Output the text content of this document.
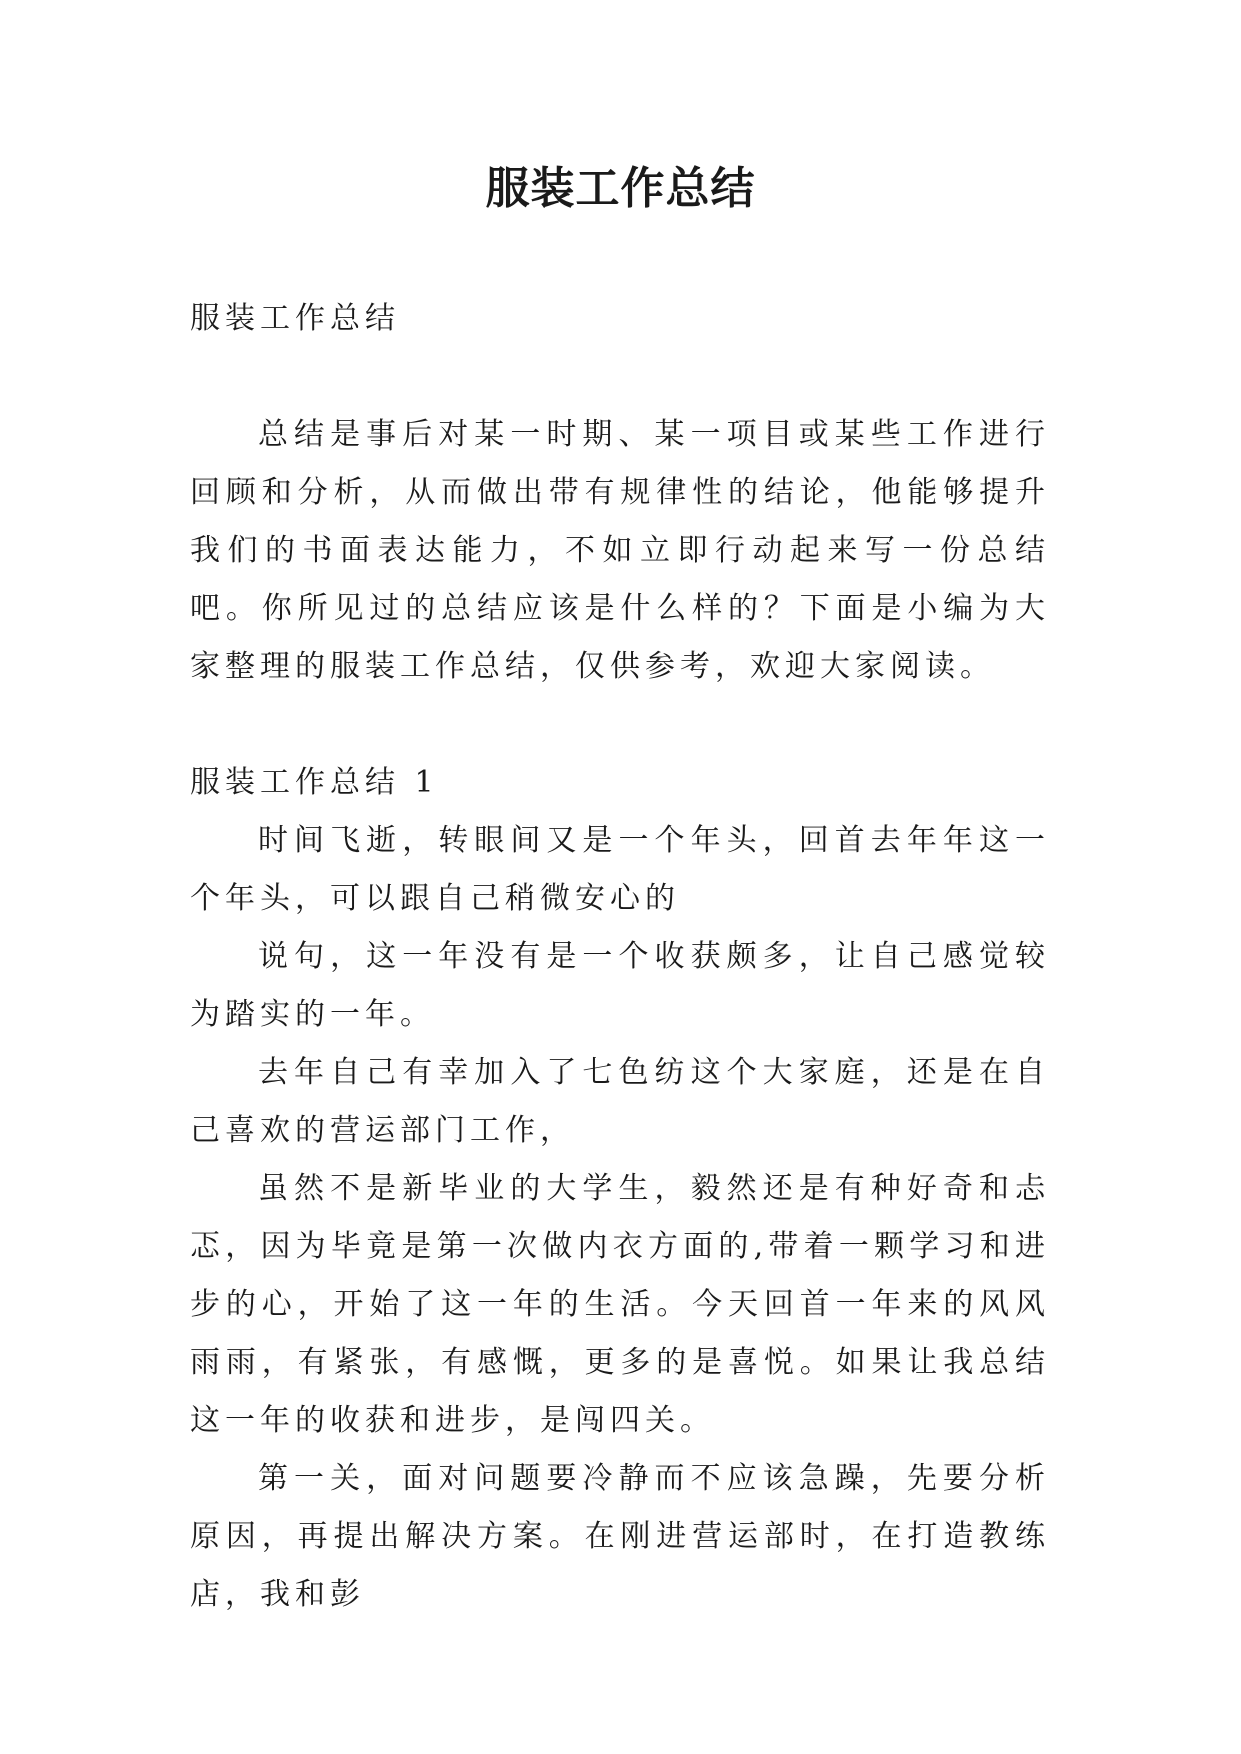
服装工作总结

服装工作总结

总结是事后对某一时期、某一项目或某些工作进行回顾和分析，从而做出带有规律性的结论，他能够提升我们的书面表达能力，不如立即行动起来写一份总结吧。你所见过的总结应该是什么样的？下面是小编为大家整理的服装工作总结，仅供参考，欢迎大家阅读。

服装工作总结 1

时间飞逝，转眼间又是一个年头，回首去年年这一个年头，可以跟自己稍微安心的

说句，这一年没有是一个收获颇多，让自己感觉较为踏实的一年。

去年自己有幸加入了七色纺这个大家庭，还是在自己喜欢的营运部门工作，

虽然不是新毕业的大学生，毅然还是有种好奇和忐忑，因为毕竟是第一次做内衣方面的,带着一颗学习和进步的心，开始了这一年的生活。今天回首一年来的风风雨雨，有紧张，有感慨，更多的是喜悦。如果让我总结这一年的收获和进步，是闯四关。

第一关，面对问题要冷静而不应该急躁，先要分析原因，再提出解决方案。在刚进营运部时，在打造教练店，我和彭
